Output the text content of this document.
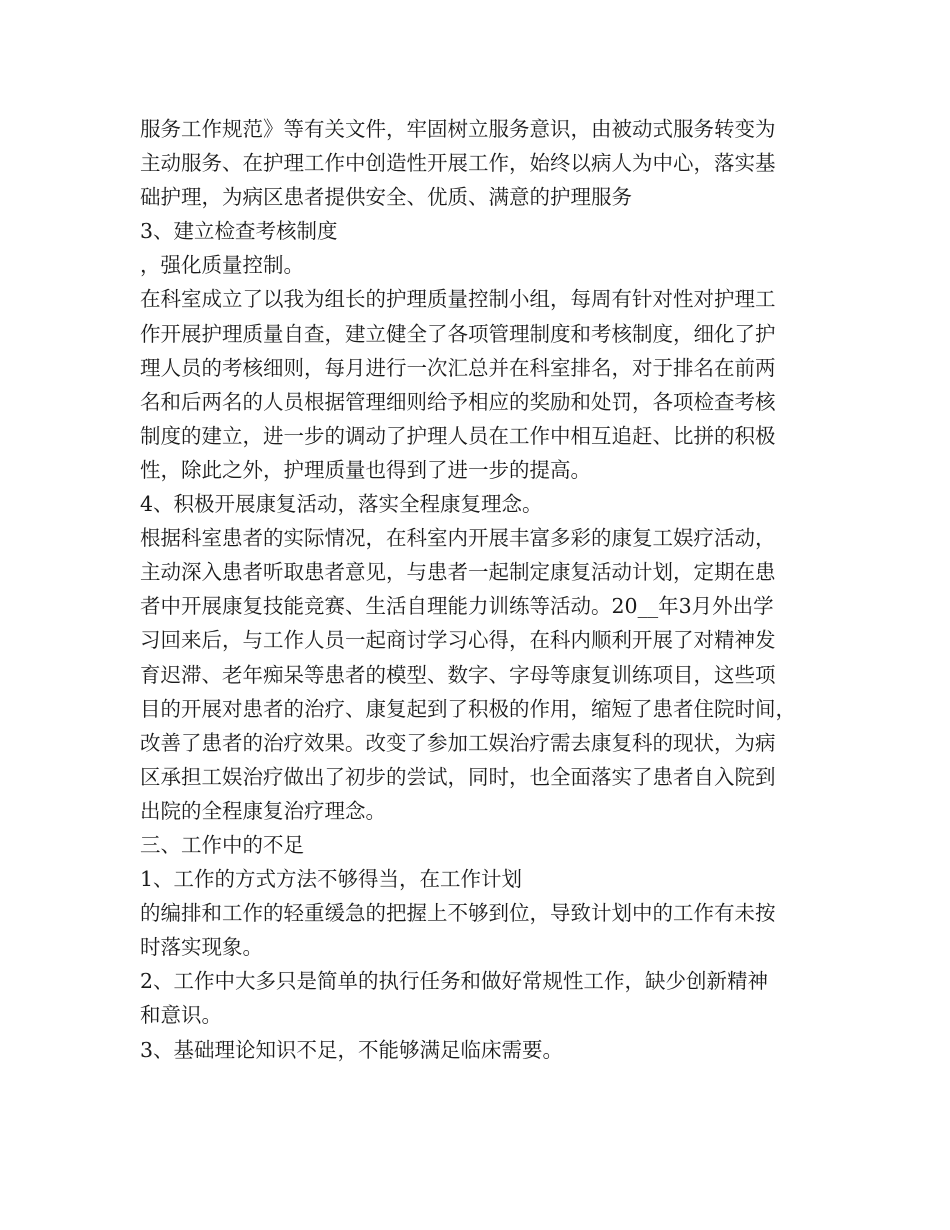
服务工作规范》等有关文件，牢固树立服务意识，由被动式服务转变为
主动服务、在护理工作中创造性开展工作，始终以病人为中心，落实基
础护理，为病区患者提供安全、优质、满意的护理服务
3、建立检查考核制度
，强化质量控制。
在科室成立了以我为组长的护理质量控制小组，每周有针对性对护理工
作开展护理质量自查，建立健全了各项管理制度和考核制度，细化了护
理人员的考核细则，每月进行一次汇总并在科室排名，对于排名在前两
名和后两名的人员根据管理细则给予相应的奖励和处罚，各项检查考核
制度的建立，进一步的调动了护理人员在工作中相互追赶、比拼的积极
性，除此之外，护理质量也得到了进一步的提高。
4、积极开展康复活动，落实全程康复理念。
根据科室患者的实际情况，在科室内开展丰富多彩的康复工娱疗活动，
主动深入患者听取患者意见，与患者一起制定康复活动计划，定期在患
者中开展康复技能竞赛、生活自理能力训练等活动。20__年3月外出学
习回来后，与工作人员一起商讨学习心得，在科内顺利开展了对精神发
育迟滞、老年痴呆等患者的模型、数字、字母等康复训练项目，这些项
目的开展对患者的治疗、康复起到了积极的作用，缩短了患者住院时间，
改善了患者的治疗效果。改变了参加工娱治疗需去康复科的现状，为病
区承担工娱治疗做出了初步的尝试，同时，也全面落实了患者自入院到
出院的全程康复治疗理念。
三、工作中的不足
1、工作的方式方法不够得当，在工作计划
的编排和工作的轻重缓急的把握上不够到位，导致计划中的工作有未按
时落实现象。
2、工作中大多只是简单的执行任务和做好常规性工作，缺少创新精神
和意识。
3、基础理论知识不足，不能够满足临床需要。
